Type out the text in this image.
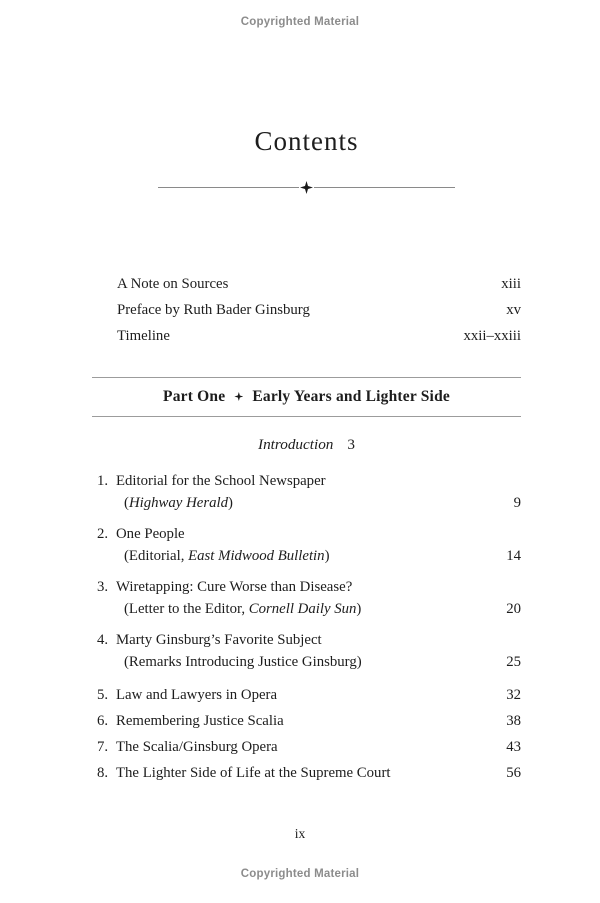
Copyrighted Material
Contents
A Note on Sources	xiii
Preface by Ruth Bader Ginsburg	xv
Timeline	xxii–xxiii
Part One Early Years and Lighter Side
Introduction 3
1. Editorial for the School Newspaper
(Highway Herald)	9
2. One People
(Editorial, East Midwood Bulletin)	14
3. Wiretapping: Cure Worse than Disease?
(Letter to the Editor, Cornell Daily Sun)	20
4. Marty Ginsburg’s Favorite Subject
(Remarks Introducing Justice Ginsburg)	25
5. Law and Lawyers in Opera	32
6. Remembering Justice Scalia	38
7. The Scalia/Ginsburg Opera	43
8. The Lighter Side of Life at the Supreme Court	56
ix
Copyrighted Material
